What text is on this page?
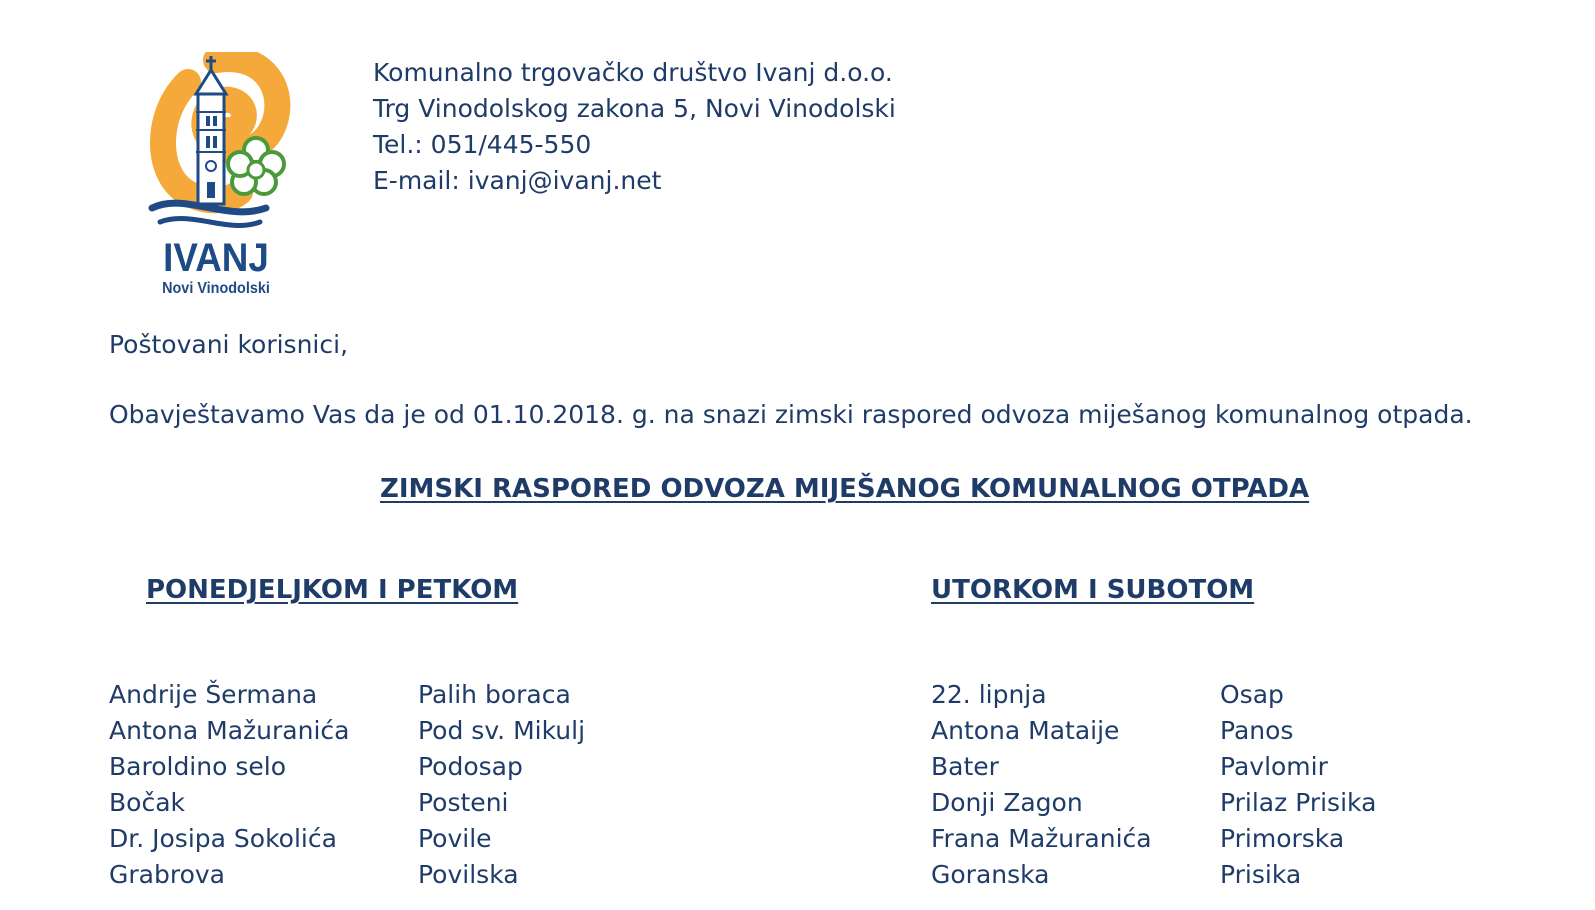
IVANJ
Novi Vinodolski
Komunalno trgovačko društvo Ivanj d.o.o.
Trg Vinodolskog zakona 5, Novi Vinodolski
Tel.: 051/445-550
E-mail: ivanj@ivanj.net
Poštovani korisnici,
Obavještavamo Vas da je od 01.10.2018. g. na snazi zimski raspored odvoza miješanog komunalnog otpada.
ZIMSKI RASPORED ODVOZA MIJEŠANOG KOMUNALNOG OTPADA
PONEDJELJKOM I PETKOM
Andrije Šermana
Antona Mažuranića
Baroldino selo
Bočak
Dr. Josipa Sokolića
Grabrova
Palih boraca
Pod sv. Mikulj
Podosap
Posteni
Povile
Povilska
UTORKOM I SUBOTOM
22. lipnja
Antona Mataije
Bater
Donji Zagon
Frana Mažuranića
Goranska
Osap
Panos
Pavlomir
Prilaz Prisika
Primorska
Prisika
